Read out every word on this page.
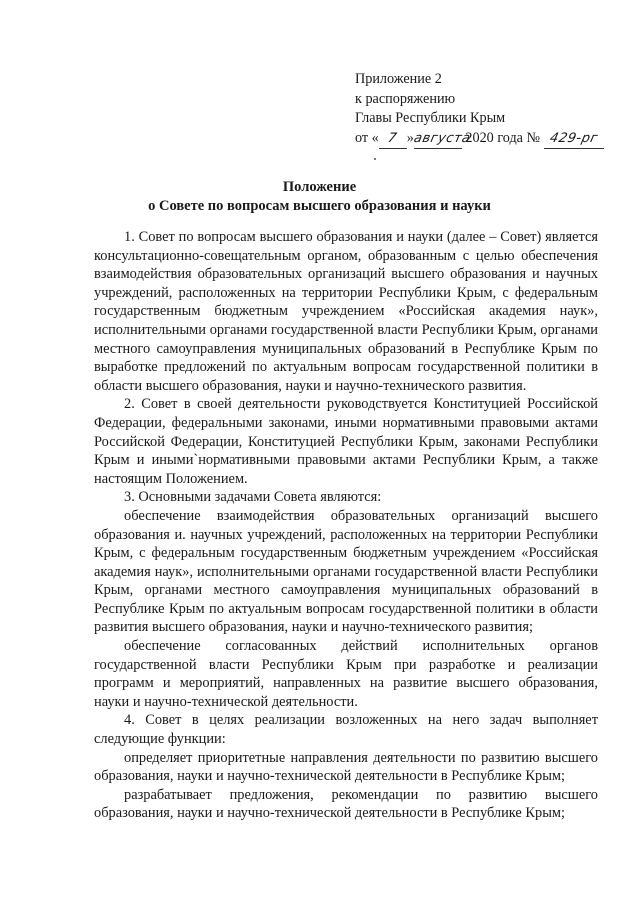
Приложение 2
к распоряжению
Главы Республики Крым
от « 7 »августа 2020 года № 429-рг
Положение
о Совете по вопросам высшего образования и науки

1. Совет по вопросам высшего образования и науки (далее – Совет) является консультационно-совещательным органом, образованным с целью обеспечения взаимодействия образовательных организаций высшего образования и научных учреждений, расположенных на территории Республики Крым, с федеральным государственным бюджетным учреждением «Российская академия наук», исполнительными органами государственной власти Республики Крым, органами местного самоуправления муниципальных образований в Республике Крым по выработке предложений по актуальным вопросам государственной политики в области высшего образования, науки и научно-технического развития.

2. Совет в своей деятельности руководствуется Конституцией Российской Федерации, федеральными законами, иными нормативными правовыми актами Российской Федерации, Конституцией Республики Крым, законами Республики Крым и иными`нормативными правовыми актами Республики Крым, а также настоящим Положением.

3. Основными задачами Совета являются:

обеспечение взаимодействия образовательных организаций высшего образования и. научных учреждений, расположенных на территории Республики Крым, с федеральным государственным бюджетным учреждением «Российская академия наук», исполнительными органами государственной власти Республики Крым, органами местного самоуправления муниципальных образований в Республике Крым по актуальным вопросам государственной политики в области развития высшего образования, науки и научно-технического развития;

обеспечение согласованных действий исполнительных органов государственной власти Республики Крым при разработке и реализации программ и мероприятий, направленных на развитие высшего образования, науки и научно-технической деятельности.

4. Совет в целях реализации возложенных на него задач выполняет следующие функции:

определяет приоритетные направления деятельности по развитию высшего образования, науки и научно-технической деятельности в Республике Крым;

разрабатывает предложения, рекомендации по развитию высшего образования, науки и научно-технической деятельности в Республике Крым;
